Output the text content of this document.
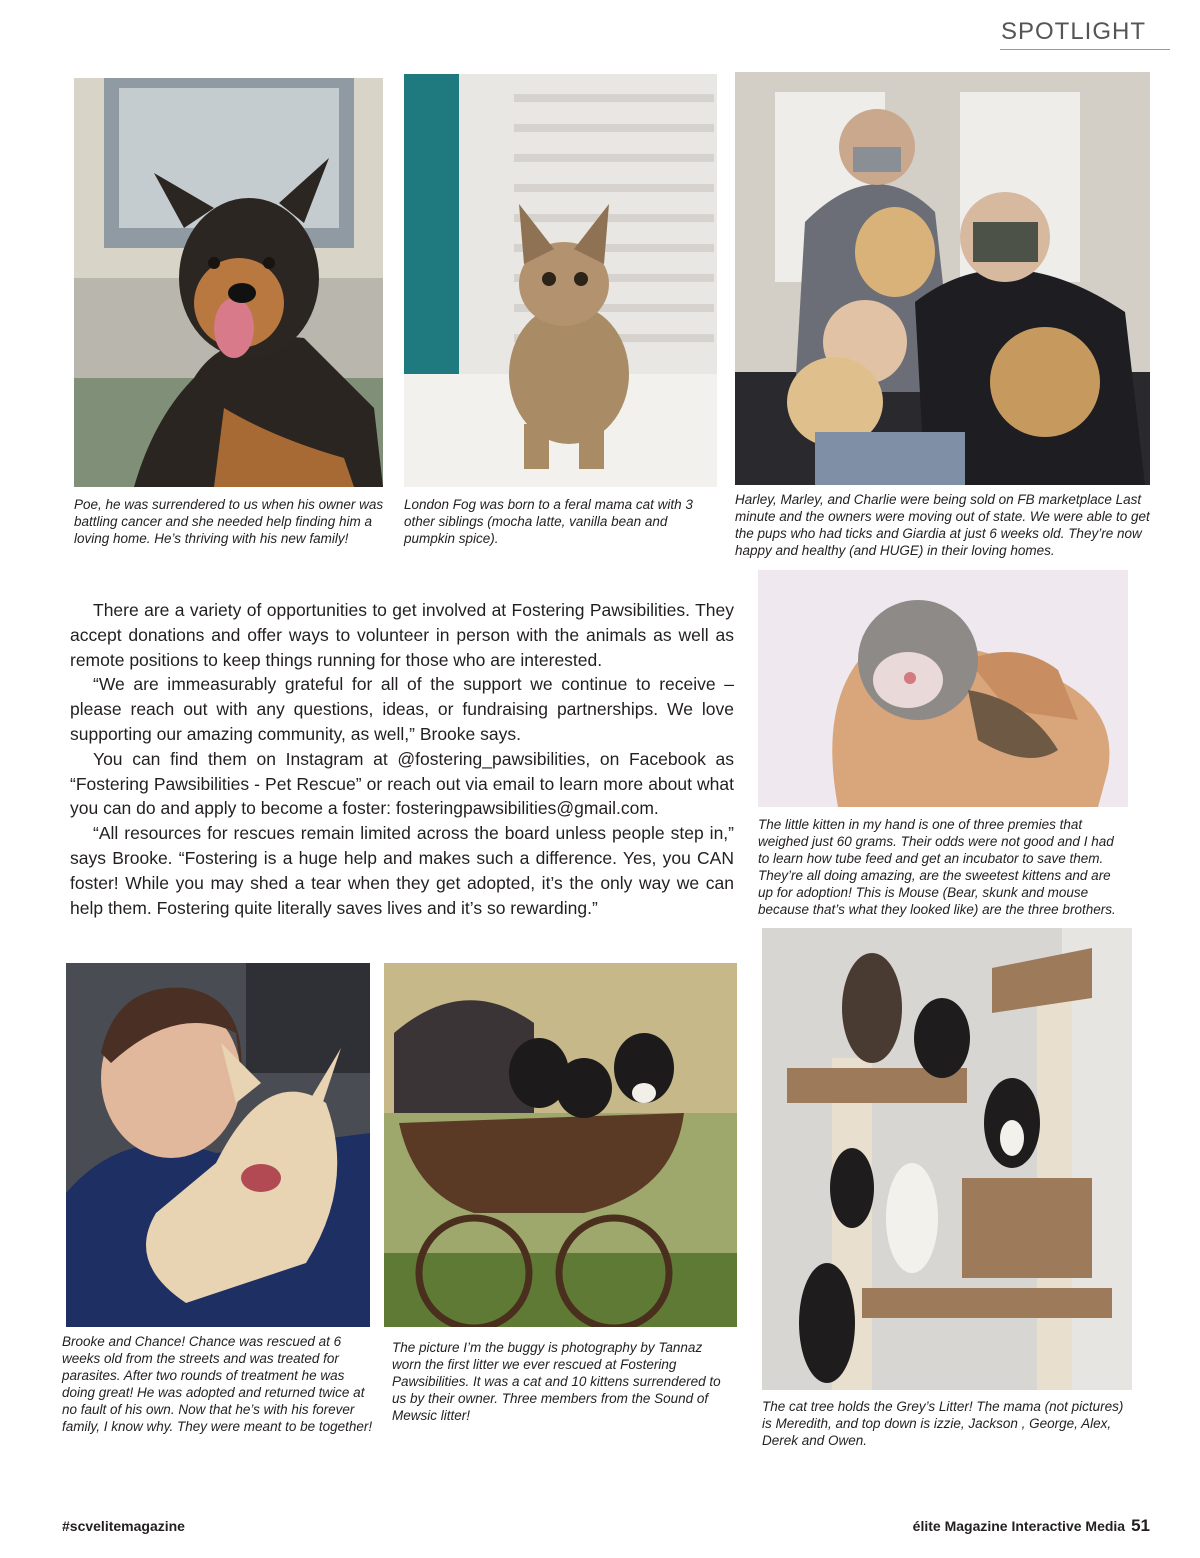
SPOTLIGHT
Poe, he was surrendered to us when his owner was battling cancer and she needed help finding him a loving home. He’s thriving with his new family!
London Fog was born to a feral mama cat with 3 other siblings (mocha latte, vanilla bean and pumpkin spice).
Harley, Marley, and Charlie were being sold on FB marketplace Last minute and the owners were moving out of state. We were able to get the pups who had ticks and Giardia at just 6 weeks old. They’re now happy and healthy (and HUGE) in their loving homes.
The little kitten in my hand is one of three premies that weighed just 60 grams. Their odds were not good and I had to learn how tube feed and get an incubator to save them. They’re all doing amazing, are the sweetest kittens and are up for adoption! This is Mouse (Bear, skunk and mouse because that’s what they looked like) are the three brothers.

There are a variety of opportunities to get involved at Fostering Pawsibilities. They accept donations and offer ways to volunteer in person with the animals as well as remote positions to keep things running for those who are interested.

“We are immeasurably grateful for all of the support we continue to receive – please reach out with any questions, ideas, or fundraising partnerships. We love supporting our amazing community, as well,” Brooke says.

You can find them on Instagram at @fostering_pawsibilities, on Facebook as “Fostering Pawsibilities - Pet Rescue” or reach out via email to learn more about what you can do and apply to become a foster: fosteringpawsibilities@gmail.com.

“All resources for rescues remain limited across the board unless people step in,” says Brooke. “Fostering is a huge help and makes such a difference. Yes, you CAN foster! While you may shed a tear when they get adopted, it’s the only way we can help them. Fostering quite literally saves lives and it’s so rewarding.”

Brooke and Chance! Chance was rescued at 6 weeks old from the streets and was treated for parasites. After two rounds of treatment he was doing great! He was adopted and returned twice at no fault of his own. Now that he’s with his forever family, I know why. They were meant to be together!
The picture I’m the buggy is photography by Tannaz worn the first litter we ever rescued at Fostering Pawsibilities. It was a cat and 10 kittens surrendered to us by their owner. Three members from the Sound of Mewsic litter!
The cat tree holds the Grey’s Litter! The mama (not pictures) is Meredith, and top down is izzie, Jackson , George, Alex, Derek and Owen.
#scvelitemagazine	élite Magazine Interactive Media 51
